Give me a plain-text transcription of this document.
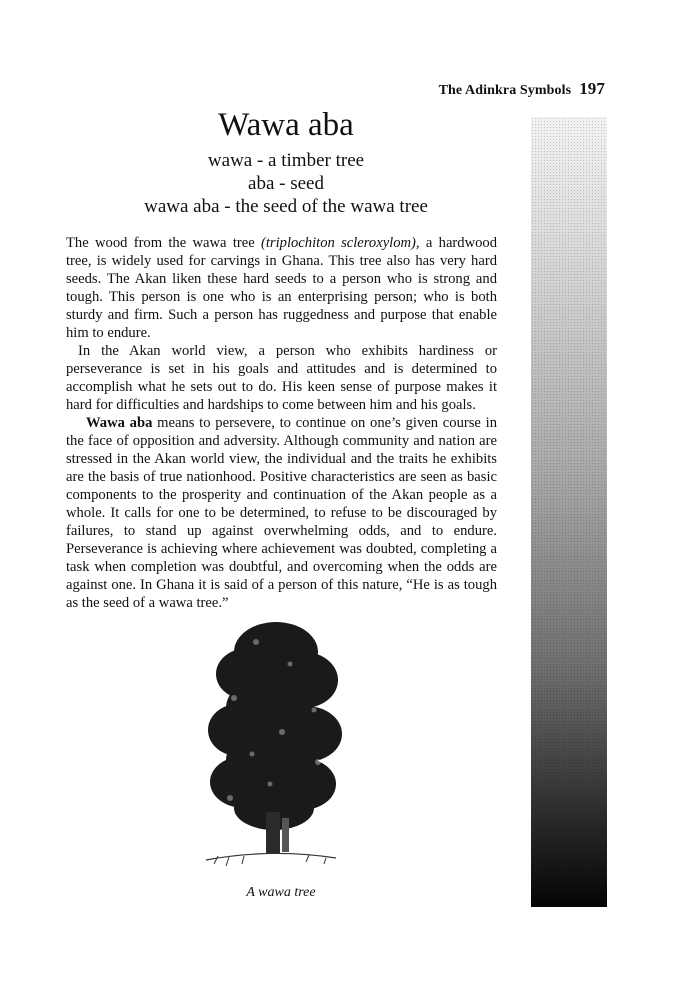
The Adinkra Symbols 197
Wawa aba
wawa - a timber tree
aba - seed
wawa aba - the seed of the wawa tree

The wood from the wawa tree (triplochiton scleroxylom), a hardwood tree, is widely used for carvings in Ghana. This tree also has very hard seeds. The Akan liken these hard seeds to a person who is strong and tough. This person is one who is an enterprising person; who is both sturdy and firm. Such a person has ruggedness and purpose that enable him to endure.

In the Akan world view, a person who exhibits hardiness or perseverance is set in his goals and attitudes and is determined to accomplish what he sets out to do. His keen sense of purpose makes it hard for difficulties and hardships to come between him and his goals.

Wawa aba means to persevere, to continue on one’s given course in the face of opposition and adversity. Although community and nation are stressed in the Akan world view, the individual and the traits he exhibits are the basis of true nationhood. Positive characteristics are seen as basic components to the prosperity and continuation of the Akan people as a whole. It calls for one to be determined, to refuse to be discouraged by failures, to stand up against overwhelming odds, and to endure. Perseverance is achieving where achievement was doubted, completing a task when completion was doubtful, and overcoming when the odds are against one. In Ghana it is said of a person of this nature, “He is as tough as the seed of a wawa tree.”

A wawa tree
